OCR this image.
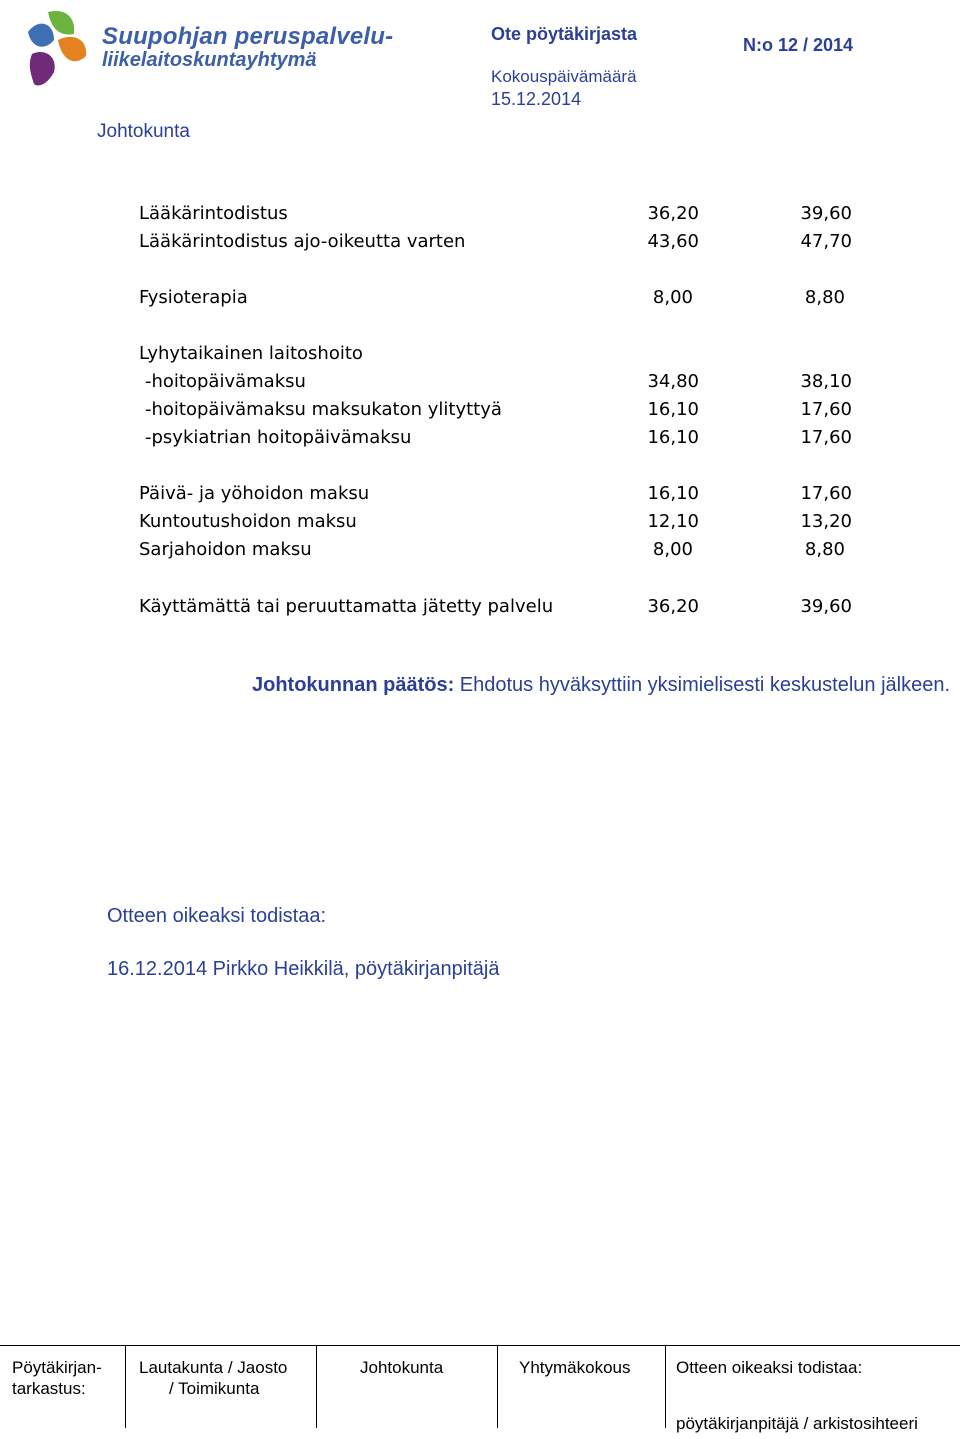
Suupohjan peruspalvelu-
liikelaitoskuntayhtymä
Ote pöytäkirjasta
N:o 12 / 2014
Kokouspäivämäärä
15.12.2014
Johtokunta
Lääkärintodistus	36,20	39,60
Lääkärintodistus ajo-oikeutta varten	43,60	47,70
Fysioterapia	8,00	8,80
Lyhytaikainen laitoshoito
-hoitopäivämaksu	34,80	38,10
-hoitopäivämaksu maksukaton ylityttyä	16,10	17,60
-psykiatrian hoitopäivämaksu	16,10	17,60
Päivä- ja yöhoidon maksu	16,10	17,60
Kuntoutushoidon maksu	12,10	13,20
Sarjahoidon maksu	8,00	8,80
Käyttämättä tai peruuttamatta jätetty palvelu	36,20	39,60
Johtokunnan päätös: Ehdotus hyväksyttiin yksimielisesti keskustelun jälkeen.
Otteen oikeaksi todistaa:
16.12.2014 Pirkko Heikkilä, pöytäkirjanpitäjä
Pöytäkirjan-
tarkastus:
Lautakunta / Jaosto
/ Toimikunta
Johtokunta	Yhtymäkokous	Otteen oikeaksi todistaa:
pöytäkirjanpitäjä / arkistosihteeri
